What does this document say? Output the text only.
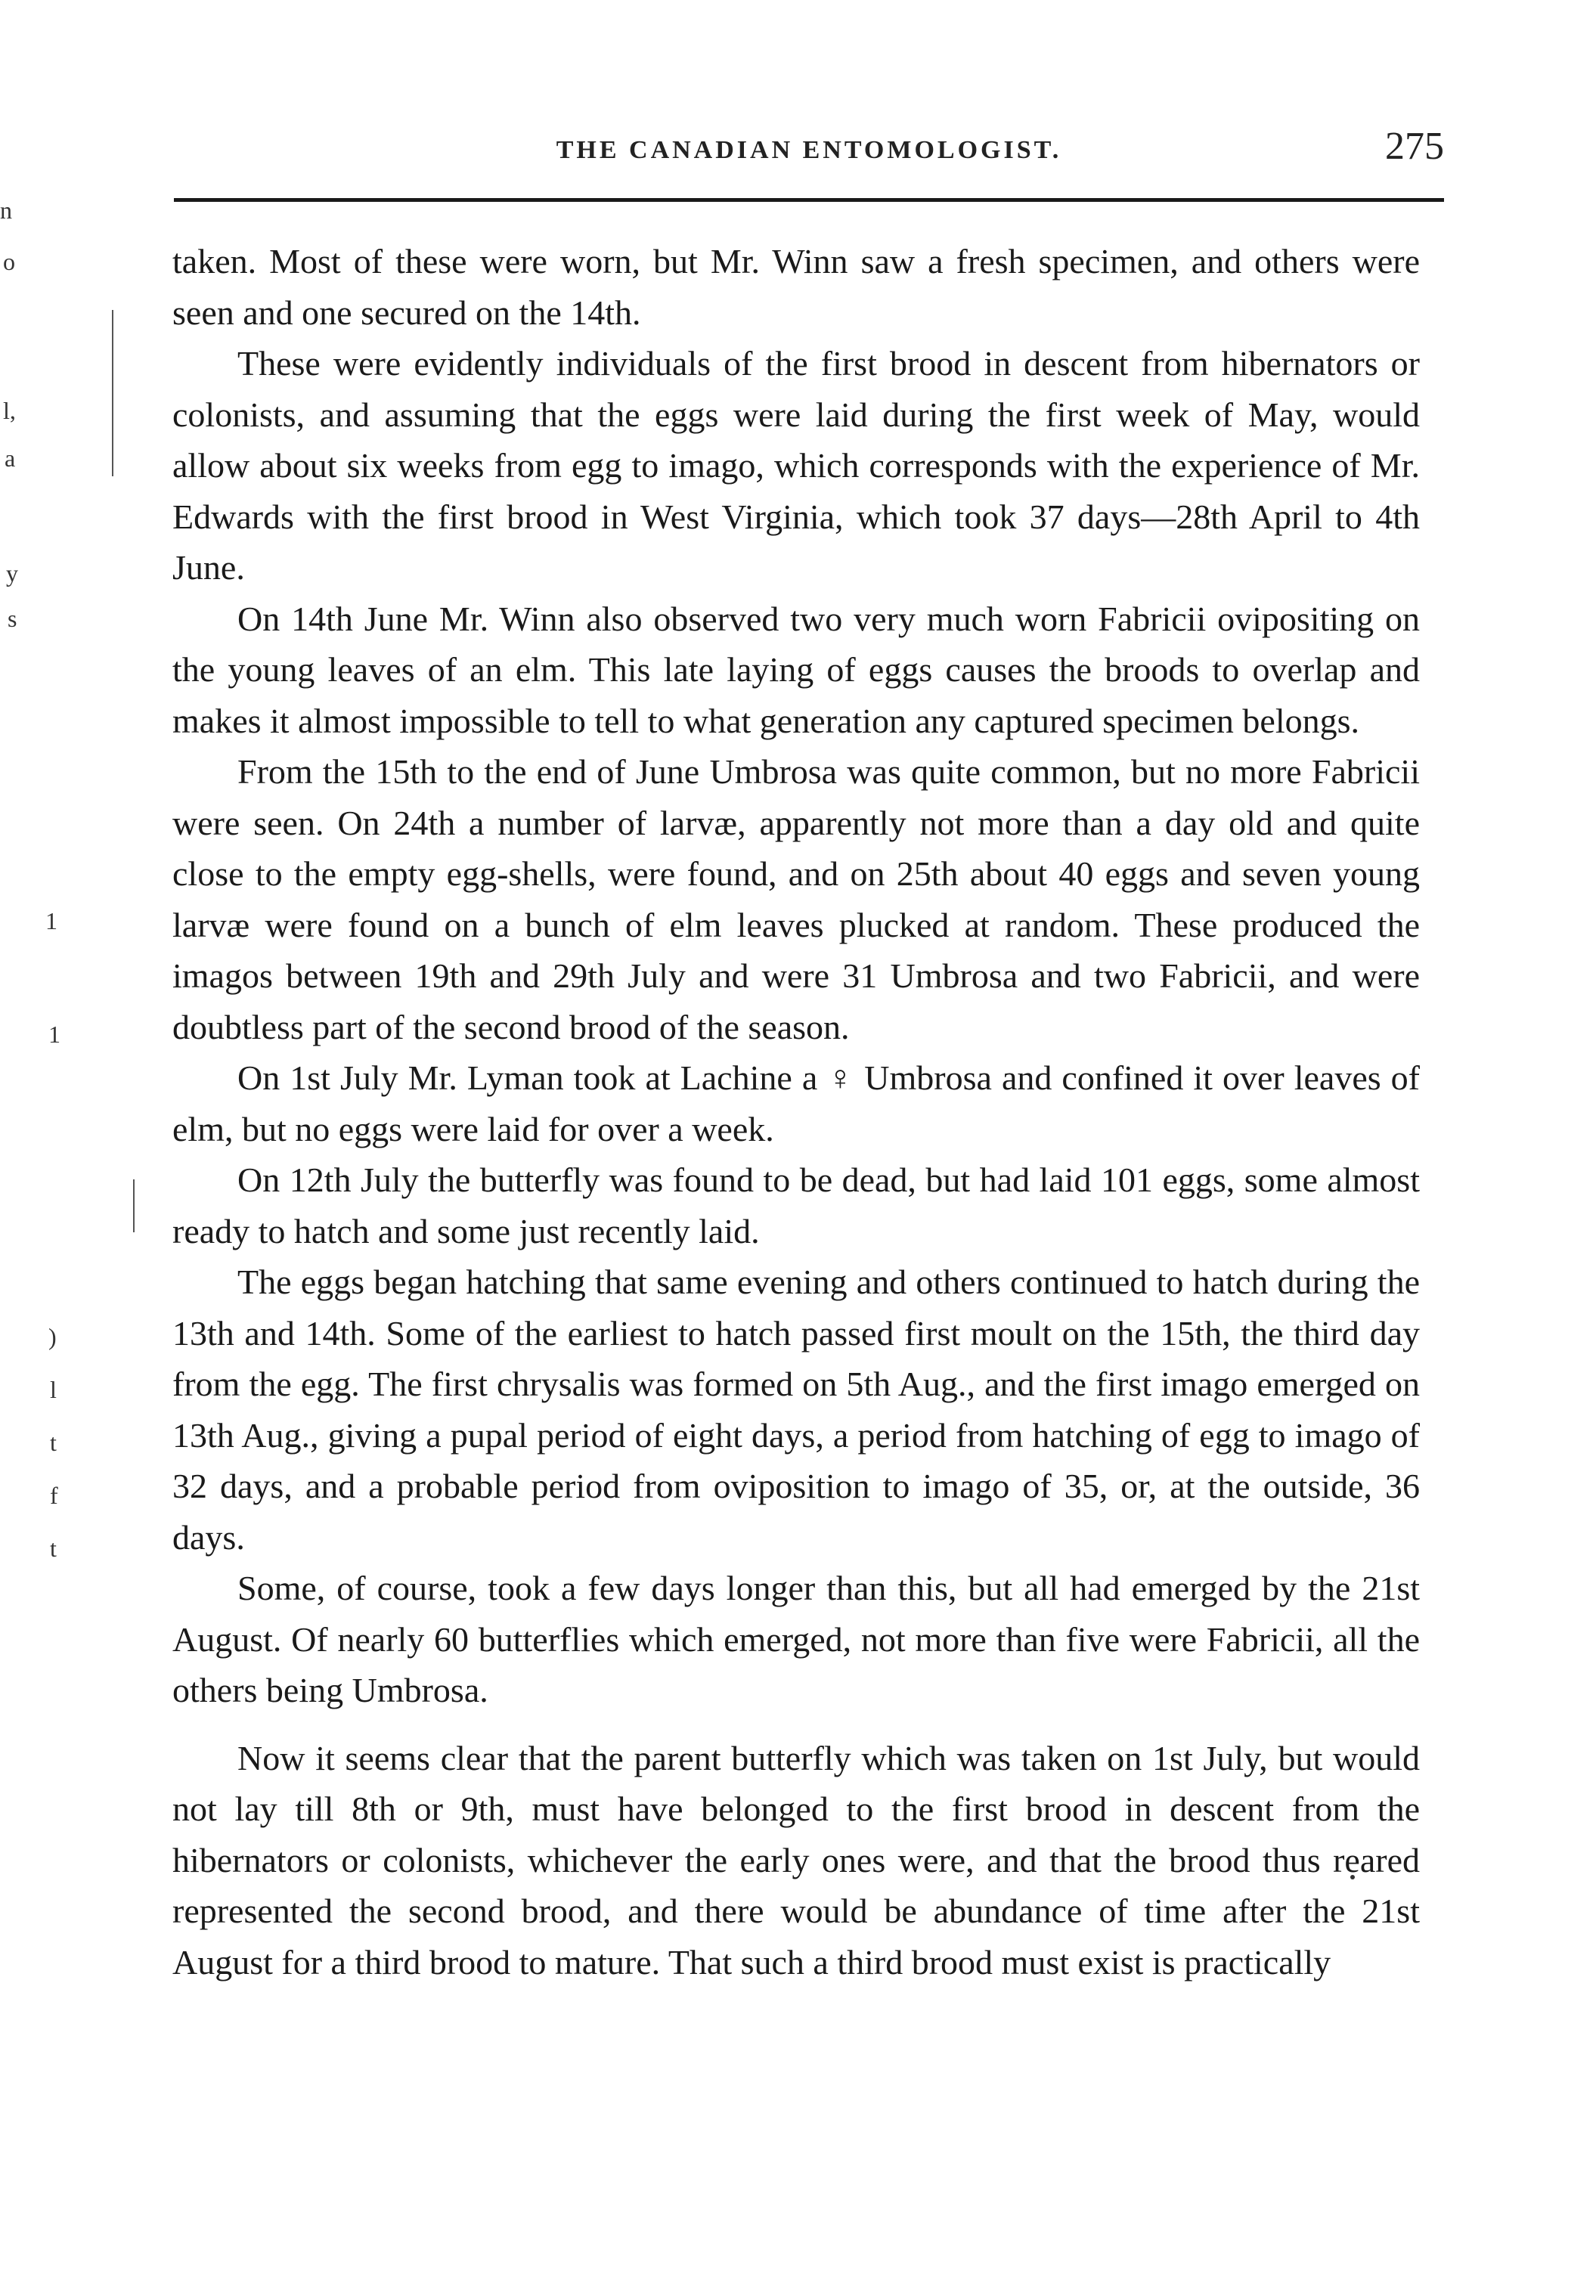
THE CANADIAN ENTOMOLOGIST.	275
n
o
l,
a
y
s
1
1
)
l
t
f
t

taken. Most of these were worn, but Mr. Winn saw a fresh specimen, and others were seen and one secured on the 14th.

These were evidently individuals of the first brood in descent from hibernators or colonists, and assuming that the eggs were laid during the first week of May, would allow about six weeks from egg to imago, which corresponds with the experience of Mr. Edwards with the first brood in West Virginia, which took 37 days—28th April to 4th June.

On 14th June Mr. Winn also observed two very much worn Fabricii ovipositing on the young leaves of an elm. This late laying of eggs causes the broods to overlap and makes it almost impossible to tell to what generation any captured specimen belongs.

From the 15th to the end of June Umbrosa was quite common, but no more Fabricii were seen. On 24th a number of larvæ, apparently not more than a day old and quite close to the empty egg-shells, were found, and on 25th about 40 eggs and seven young larvæ were found on a bunch of elm leaves plucked at random. These produced the imagos between 19th and 29th July and were 31 Umbrosa and two Fabricii, and were doubtless part of the second brood of the season.

On 1st July Mr. Lyman took at Lachine a ♀ Umbrosa and confined it over leaves of elm, but no eggs were laid for over a week.

On 12th July the butterfly was found to be dead, but had laid 101 eggs, some almost ready to hatch and some just recently laid.

The eggs began hatching that same evening and others continued to hatch during the 13th and 14th. Some of the earliest to hatch passed first moult on the 15th, the third day from the egg. The first chrysalis was formed on 5th Aug., and the first imago emerged on 13th Aug., giving a pupal period of eight days, a period from hatching of egg to imago of 32 days, and a probable period from oviposition to imago of 35, or, at the outside, 36 days.

Some, of course, took a few days longer than this, but all had emerged by the 21st August. Of nearly 60 butterflies which emerged, not more than five were Fabricii, all the others being Umbrosa.

Now it seems clear that the parent butterfly which was taken on 1st July, but would not lay till 8th or 9th, must have belonged to the first brood in descent from the hibernators or colonists, whichever the early ones were, and that the brood thus reared represented the second brood, and there would be abundance of time after the 21st August for a third brood to mature. That such a third brood must exist is practically
